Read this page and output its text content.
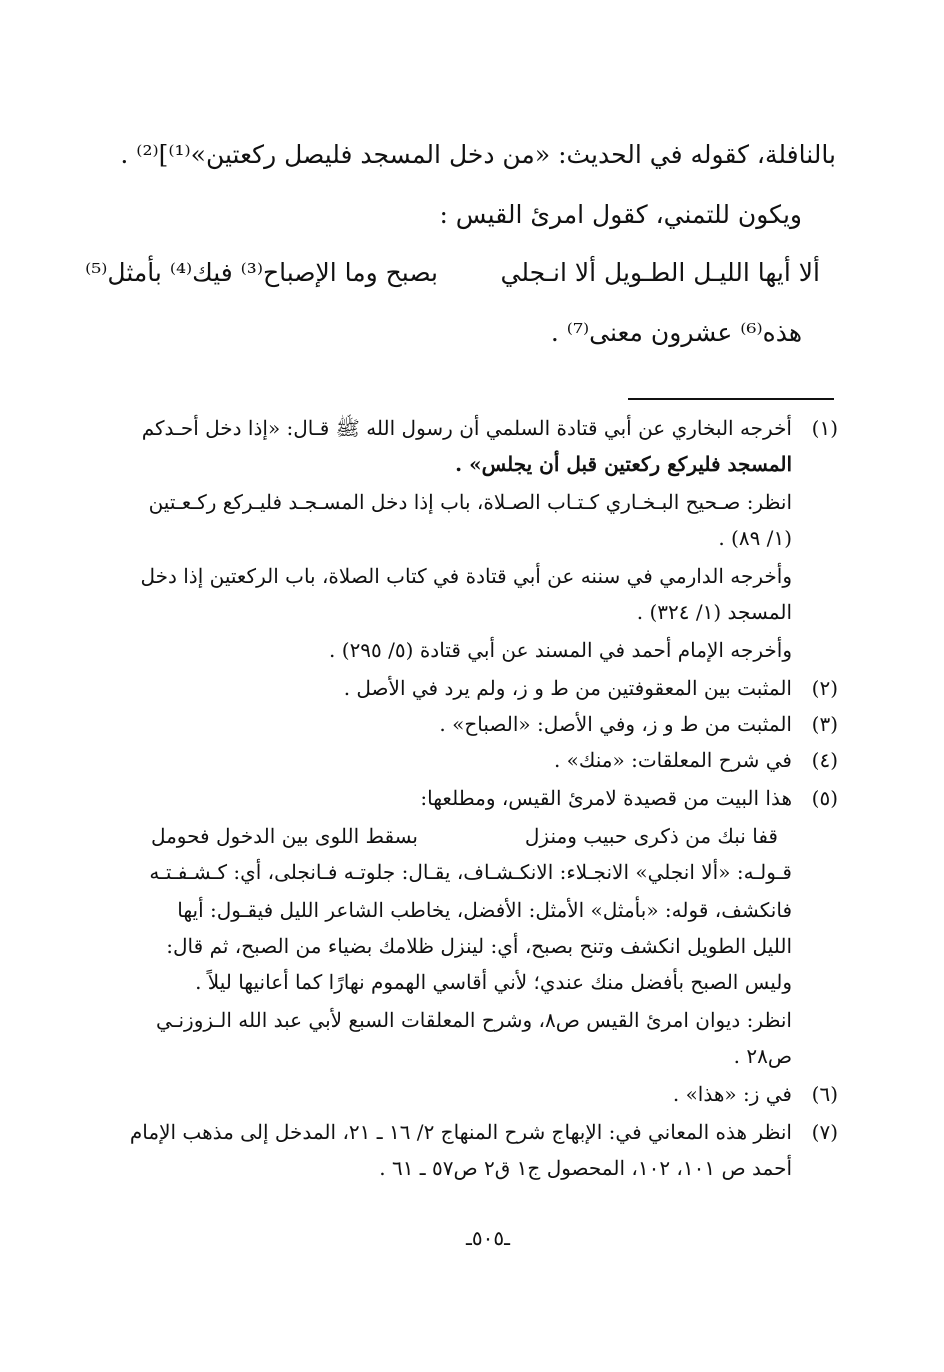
بالنافلة، كقوله في الحديث: «من دخل المسجد فليصل ركعتين»⁽¹⁾]⁽²⁾ .
ويكون للتمني، كقول امرئ القيس :
ألا أيها الليـل الطـويل ألا انـجلي
بصبح وما الإصباح⁽³⁾ فيك⁽⁴⁾ بأمثل⁽⁵⁾
هذه⁽⁶⁾ عشرون معنى⁽⁷⁾ .
(١)
أخرجه البخاري عن أبي قتادة السلمي أن رسول الله ﷺ قـال: «إذا دخل أحـدكم
المسجد فليركع ركعتين قبل أن يجلس» .
انظر: صـحيح البـخـاري كـتـاب الصـلاة، باب إذا دخل المسـجـد فليـركع ركـعـتين
(١/ ٨٩) .
وأخرجه الدارمي في سننه عن أبي قتادة في كتاب الصلاة، باب الركعتين إذا دخل
المسجد (١/ ٣٢٤) .
وأخرجه الإمام أحمد في المسند عن أبي قتادة (٥/ ٢٩٥) .
(٢)
المثبت بين المعقوفتين من ط و ز، ولم يرد في الأصل .
(٣)
المثبت من ط و ز، وفي الأصل: «الصباح» .
(٤)
في شرح المعلقات: «منك» .
(٥)
هذا البيت من قصيدة لامرئ القيس، ومطلعها:
قفا نبك من ذكرى حبيب ومنزل
بسقط اللوى بين الدخول فحومل
قـولـه: «ألا انجلي» الانجـلاء: الانكـشـاف، يقـال: جلوتـه فـانجلى، أي: كـشـفـتـه
فانكشف، قوله: «بأمثل» الأمثل: الأفضل، يخاطب الشاعر الليل فيقـول: أيها
الليل الطويل انكشف وتنح بصبح، أي: لينزل ظلامك بضياء من الصبح، ثم قال:
وليس الصبح بأفضل منك عندي؛ لأني أقاسي الهموم نهارًا كما أعانيها ليلاً .
انظر: ديوان امرئ القيس ص٨، وشرح المعلقات السبع لأبي عبد الله الـزوزنـي
ص٢٨ .
(٦)
في ز: «هذا» .
(٧)
انظر هذه المعاني في: الإبهاج شرح المنهاج ٢/ ١٦ ـ ٢١، المدخل إلى مذهب الإمام
أحمد ص ١٠١، ١٠٢، المحصول ج١ ق٢ ص٥٧ ـ ٦١ .
ـ٥٠٥ـ
